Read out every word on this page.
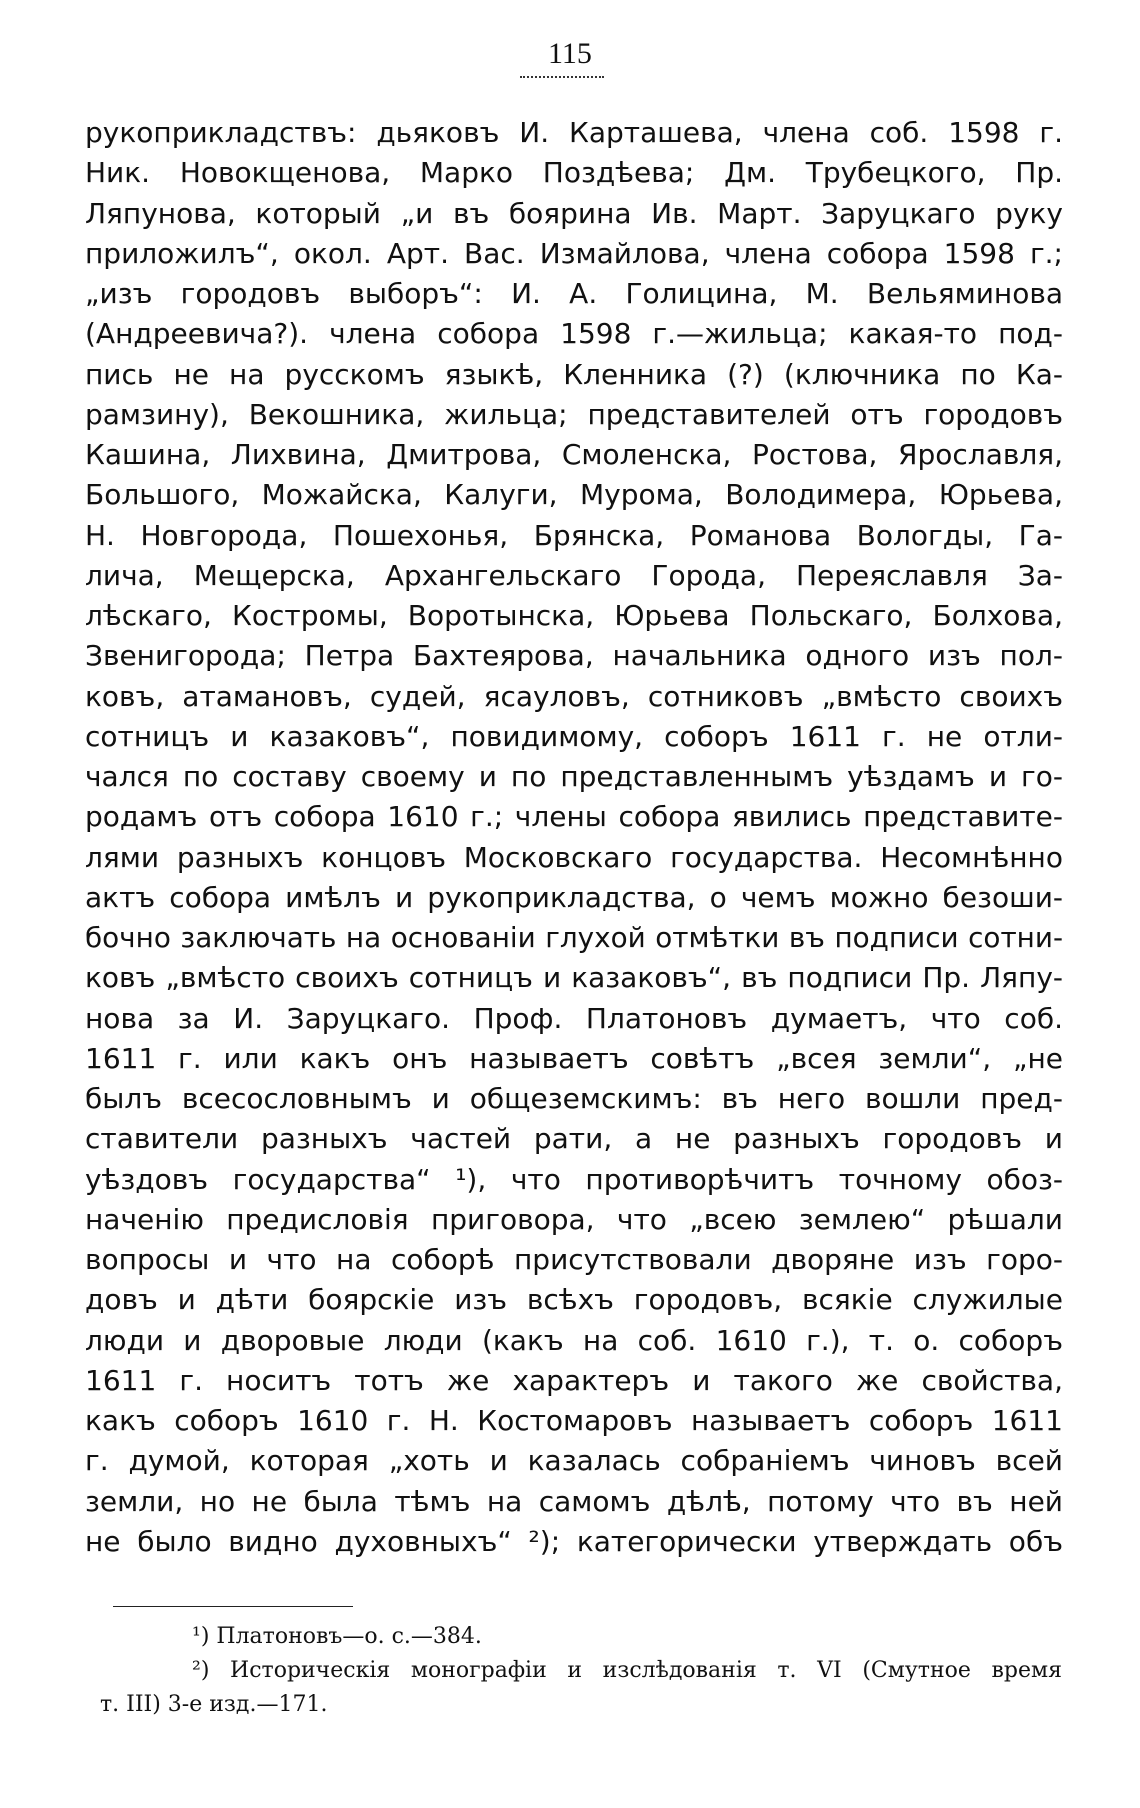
115
рукоприкладствъ: дьяковъ И. Карташева, члена соб. 1598 г.
Ник. Новокщенова, Марко Поздѣева; Дм. Трубецкого, Пр.
Ляпунова, который „и въ боярина Ив. Март. Заруцкаго руку
приложилъ“, окол. Арт. Вас. Измайлова, члена собора 1598 г.;
„изъ городовъ выборъ“: И. А. Голицина, М. Вельяминова
(Андреевича?). члена собора 1598 г.—жильца; какая-то под-
пись не на русскомъ языкѣ, Кленника (?) (ключника по Ка-
рамзину), Векошника, жильца; представителей отъ городовъ
Кашина, Лихвина, Дмитрова, Смоленска, Ростова, Ярославля,
Большого, Можайска, Калуги, Мурома, Володимера, Юрьева,
Н. Новгорода, Пошехонья, Брянска, Романова Вологды, Га-
лича, Мещерска, Архангельскаго Города, Переяславля За-
лѣскаго, Костромы, Воротынска, Юрьева Польскаго, Болхова,
Звенигорода; Петра Бахтеярова, начальника одного изъ пол-
ковъ, атамановъ, судей, ясауловъ, сотниковъ „вмѣсто своихъ
сотницъ и казаковъ“, повидимому, соборъ 1611 г. не отли-
чался по составу своему и по представленнымъ уѣздамъ и го-
родамъ отъ собора 1610 г.; члены собора явились представите-
лями разныхъ концовъ Московскаго государства. Несомнѣнно
актъ собора имѣлъ и рукоприкладства, о чемъ можно безоши-
бочно заключать на основаніи глухой отмѣтки въ подписи сотни-
ковъ „вмѣсто своихъ сотницъ и казаковъ“, въ подписи Пр. Ляпу-
нова за И. Заруцкаго. Проф. Платоновъ думаетъ, что соб.
1611 г. или какъ онъ называетъ совѣтъ „всея земли“, „не
былъ всесословнымъ и общеземскимъ: въ него вошли пред-
ставители разныхъ частей рати, а не разныхъ городовъ и
уѣздовъ государства“ ¹), что противорѣчитъ точному обоз-
наченію предисловія приговора, что „всею землею“ рѣшали
вопросы и что на соборѣ присутствовали дворяне изъ горо-
довъ и дѣти боярскіе изъ всѣхъ городовъ, всякіе служилые
люди и дворовые люди (какъ на соб. 1610 г.), т. о. соборъ
1611 г. носитъ тотъ же характеръ и такого же свойства,
какъ соборъ 1610 г. Н. Костомаровъ называетъ соборъ 1611
г. думой, которая „хоть и казалась собраніемъ чиновъ всей
земли, но не была тѣмъ на самомъ дѣлѣ, потому что въ ней
не было видно духовныхъ“ ²); категорически утверждать объ
¹) Платоновъ—о. с.—384.
²) Историческія монографіи и изслѣдованія т. VI (Смутное время
т. III) 3-е изд.—171.
